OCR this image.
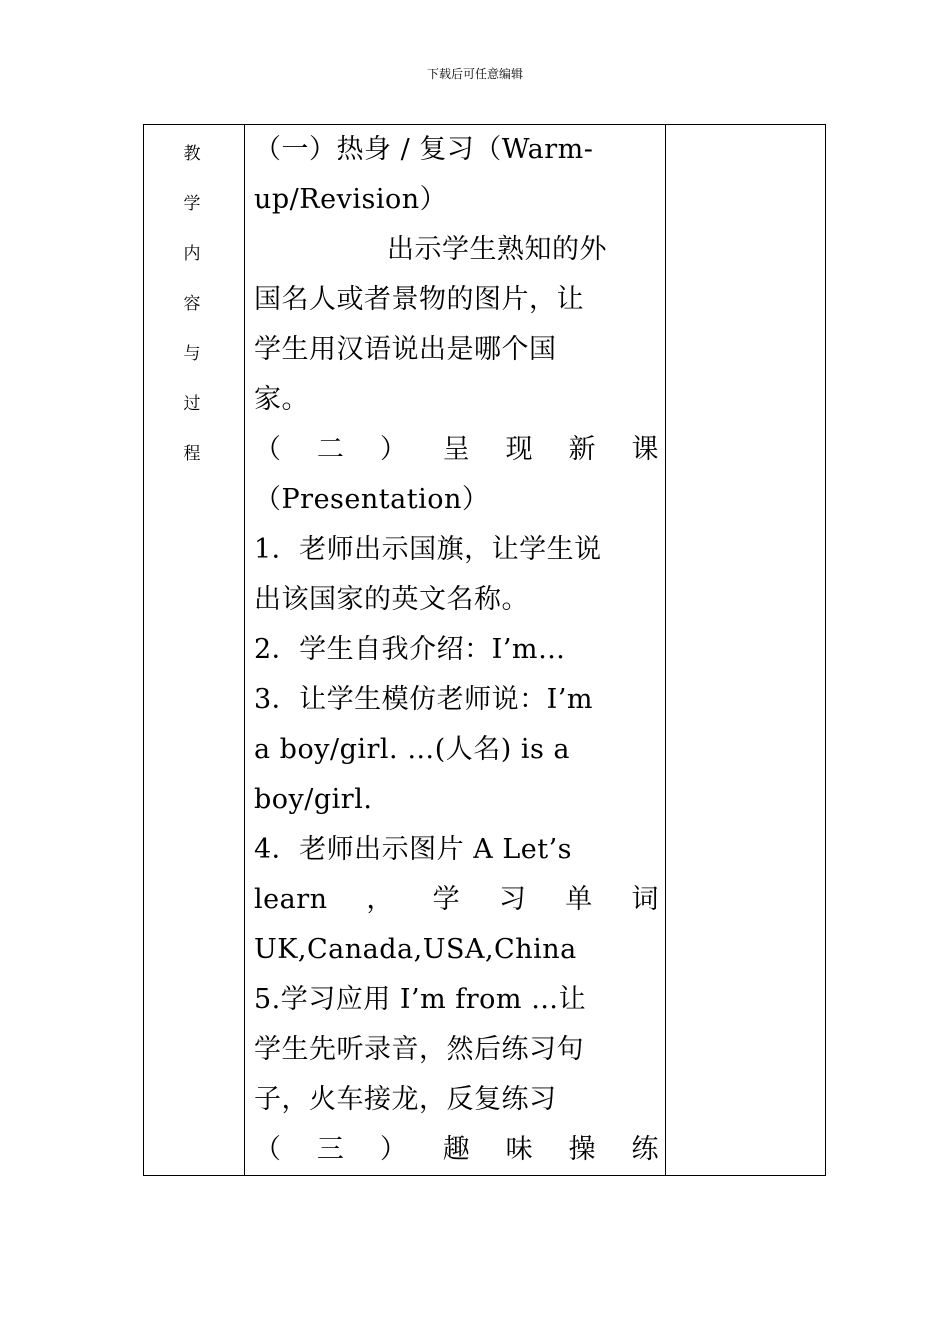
下载后可任意编辑
教
学
内
容
与
过
程

（一）热身 / 复习（Warm-
up/Revision）
出示学生熟知的外
国名人或者景物的图片，让
学生用汉语说出是哪个国
家。
（ 二 ） 呈 现 新 课
（Presentation）
1．老师出示国旗，让学生说
出该国家的英文名称。
2．学生自我介绍：I’m…
3．让学生模仿老师说：I’m
a boy/girl. …(人名) is a
boy/girl.
4．老师出示图片 A Let’s
learn ， 学 习 单 词
UK,Canada,USA,China
5.学习应用 I’m from …让
学生先听录音，然后练习句
子，火车接龙，反复练习
（ 三 ） 趣 味 操 练
